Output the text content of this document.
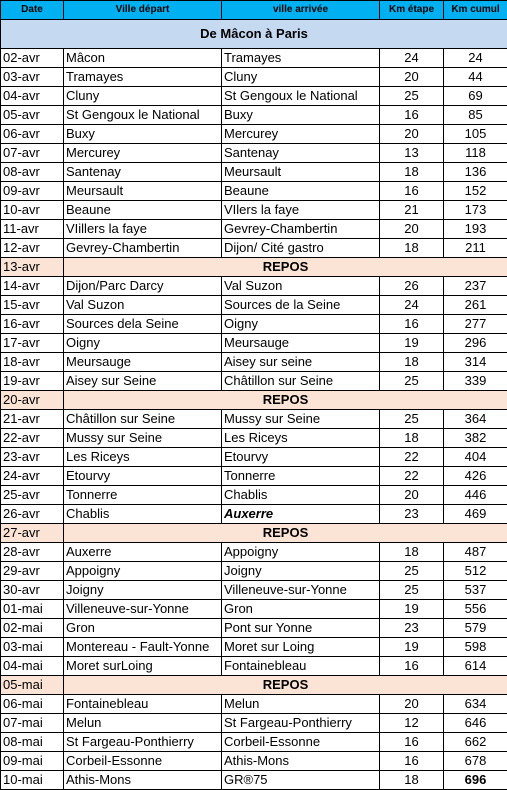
Date	Ville départ	ville arrivée	Km étape	Km cumul
De Mâcon à Paris				
02-avr	Mâcon	Tramayes	24	24
03-avr	Tramayes	Cluny	20	44
04-avr	Cluny	St Gengoux le National	25	69
05-avr	St Gengoux le National	Buxy	16	85
06-avr	Buxy	Mercurey	20	105
07-avr	Mercurey	Santenay	13	118
08-avr	Santenay	Meursault	18	136
09-avr	Meursault	Beaune	16	152
10-avr	Beaune	VIlers la faye	21	173
11-avr	VIillers la faye	Gevrey-Chambertin	20	193
12-avr	Gevrey-Chambertin	Dijon/ Cité gastro	18	211
13-avr	REPOS			
14-avr	Dijon/Parc Darcy	Val Suzon	26	237
15-avr	Val Suzon	Sources de la Seine	24	261
16-avr	Sources dela Seine	Oigny	16	277
17-avr	Oigny	Meursauge	19	296
18-avr	Meursauge	Aisey sur seine	18	314
19-avr	Aisey sur Seine	Châtillon sur Seine	25	339
20-avr	REPOS			
21-avr	Châtillon sur Seine	Mussy sur Seine	25	364
22-avr	Mussy sur Seine	Les Riceys	18	382
23-avr	Les Riceys	Etourvy	22	404
24-avr	Etourvy	Tonnerre	22	426
25-avr	Tonnerre	Chablis	20	446
26-avr	Chablis	Auxerre	23	469
27-avr	REPOS			
28-avr	Auxerre	Appoigny	18	487
29-avr	Appoigny	Joigny	25	512
30-avr	Joigny	Villeneuve-sur-Yonne	25	537
01-mai	Villeneuve-sur-Yonne	Gron	19	556
02-mai	Gron	Pont sur Yonne	23	579
03-mai	Montereau - Fault-Yonne	Moret sur Loing	19	598
04-mai	Moret surLoing	Fontainebleau	16	614
05-mai	REPOS			
06-mai	Fontainebleau	Melun	20	634
07-mai	Melun	St Fargeau-Ponthierry	12	646
08-mai	St Fargeau-Ponthierry	Corbeil-Essonne	16	662
09-mai	Corbeil-Essonne	Athis-Mons	16	678
10-mai	Athis-Mons	GR®75	18	696
